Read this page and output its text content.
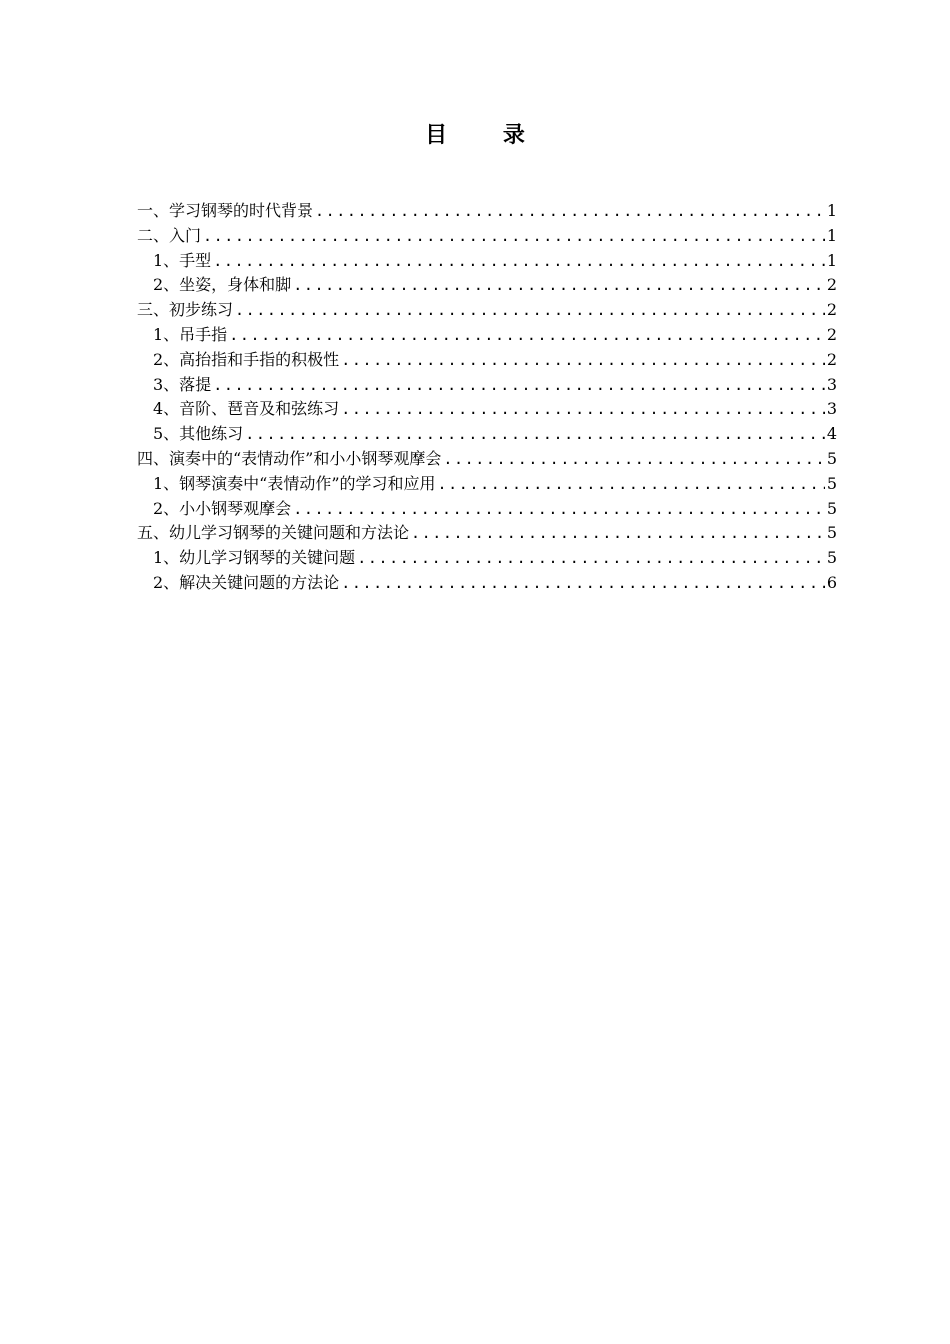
目 录
一、学习钢琴的时代背景 .....	1
二、入门 .....	1
1、手型 .....	1
2、坐姿，身体和脚 .....	2
三、初步练习 .....	2
1、吊手指 .....	2
2、高抬指和手指的积极性 .....	2
3、落提 .....	3
4、音阶、琶音及和弦练习 .....	3
5、其他练习 .....	4
四、演奏中的“表情动作”和小小钢琴观摩会 .....	5
1、钢琴演奏中“表情动作”的学习和应用 .....	5
2、小小钢琴观摩会 .....	5
五、幼儿学习钢琴的关键问题和方法论 .....	5
1、幼儿学习钢琴的关键问题 .....	5
2、解决关键问题的方法论 .....	6
